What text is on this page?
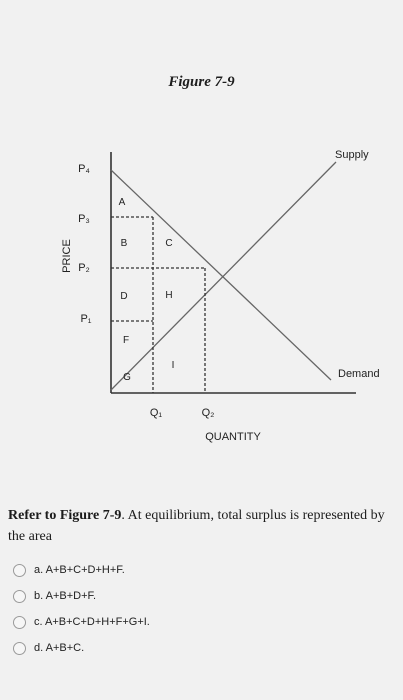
Figure 7-9
PRICE
QUANTITY
P₄
P₃
P₂
P₁
Q₁	Q₂
Supply
Demand
A
B	C
D	H
F
I
G
Refer to Figure 7-9. At equilibrium, total surplus is represented by the area
a. A+B+C+D+H+F.
b. A+B+D+F.
c. A+B+C+D+H+F+G+I.
d. A+B+C.
